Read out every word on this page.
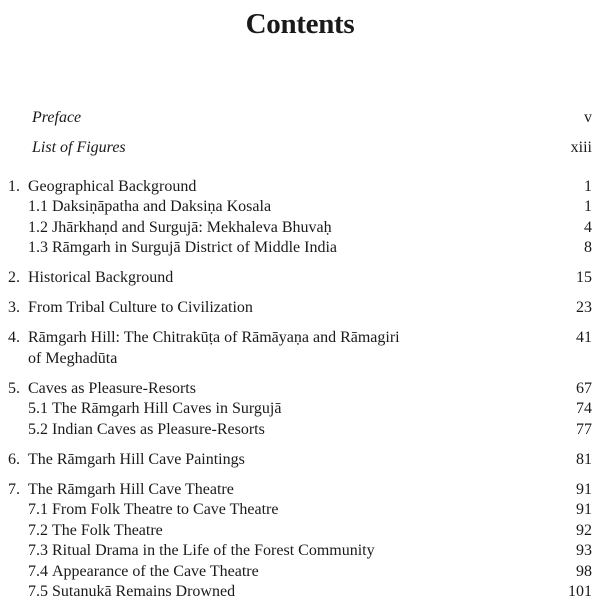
Contents
Preface	v
List of Figures	xiii
1. Geographical Background	1
1.1 Daksiṇāpatha and Daksiṇa Kosala	1
1.2 Jhārkhaṇd and Surgujā: Mekhaleva Bhuvaḥ	4
1.3 Rāmgarh in Surgujā District of Middle India	8
2. Historical Background	15
3. From Tribal Culture to Civilization	23
4. Rāmgarh Hill: The Chitrakūṭa of Rāmāyaṇa and Rāmagiri	41
of Meghadūta
5. Caves as Pleasure-Resorts	67
5.1 The Rāmgarh Hill Caves in Surgujā	74
5.2 Indian Caves as Pleasure-Resorts	77
6. The Rāmgarh Hill Cave Paintings	81
7. The Rāmgarh Hill Cave Theatre	91
7.1 From Folk Theatre to Cave Theatre	91
7.2 The Folk Theatre	92
7.3 Ritual Drama in the Life of the Forest Community	93
7.4 Appearance of the Cave Theatre	98
7.5 Sutanukā Remains Drowned	101
